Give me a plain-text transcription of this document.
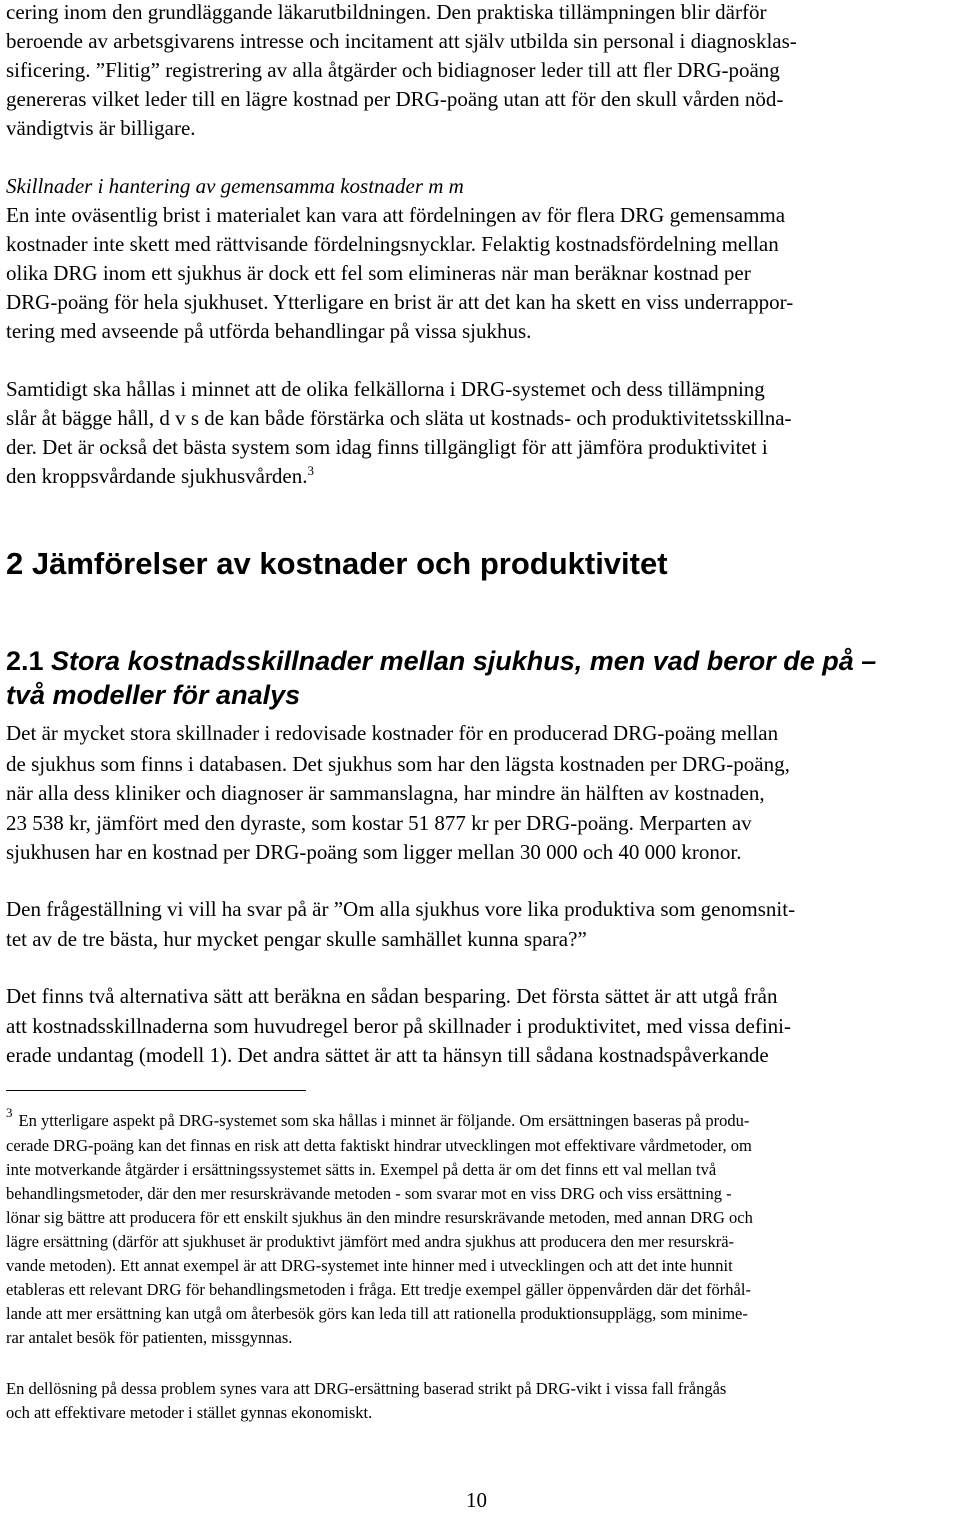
cering inom den grundläggande läkarutbildningen. Den praktiska tillämpningen blir därför
beroende av arbetsgivarens intresse och incitament att själv utbilda sin personal i diagnosklas-
sificering. ”Flitig” registrering av alla åtgärder och bidiagnoser leder till att fler DRG-poäng
genereras vilket leder till en lägre kostnad per DRG-poäng utan att för den skull vården nöd-
vändigtvis är billigare.
Skillnader i hantering av gemensamma kostnader m m
En inte oväsentlig brist i materialet kan vara att fördelningen av för flera DRG gemensamma
kostnader inte skett med rättvisande fördelningsnycklar. Felaktig kostnadsfördelning mellan
olika DRG inom ett sjukhus är dock ett fel som elimineras när man beräknar kostnad per
DRG-poäng för hela sjukhuset. Ytterligare en brist är att det kan ha skett en viss underrappor-
tering med avseende på utförda behandlingar på vissa sjukhus.
Samtidigt ska hållas i minnet att de olika felkällorna i DRG-systemet och dess tillämpning
slår åt bägge håll, d v s de kan både förstärka och släta ut kostnads- och produktivitetsskillna-
der. Det är också det bästa system som idag finns tillgängligt för att jämföra produktivitet i
den kroppsvårdande sjukhusvården.$^3$
2 Jämförelser av kostnader och produktivitet
2.1 Stora kostnadsskillnader mellan sjukhus, men vad beror de på –
två modeller för analys
Det är mycket stora skillnader i redovisade kostnader för en producerad DRG-poäng mellan
de sjukhus som finns i databasen. Det sjukhus som har den lägsta kostnaden per DRG-poäng,
när alla dess kliniker och diagnoser är sammanslagna, har mindre än hälften av kostnaden,
23 538 kr, jämfört med den dyraste, som kostar 51 877 kr per DRG-poäng. Merparten av
sjukhusen har en kostnad per DRG-poäng som ligger mellan 30 000 och 40 000 kronor.
Den frågeställning vi vill ha svar på är ”Om alla sjukhus vore lika produktiva som genomsnit-
tet av de tre bästa, hur mycket pengar skulle samhället kunna spara?”
Det finns två alternativa sätt att beräkna en sådan besparing. Det första sättet är att utgå från
att kostnadsskillnaderna som huvudregel beror på skillnader i produktivitet, med vissa defini-
erade undantag (modell 1). Det andra sättet är att ta hänsyn till sådana kostnadspåverkande
$^3$ En ytterligare aspekt på DRG-systemet som ska hållas i minnet är följande. Om ersättningen baseras på produ-
cerade DRG-poäng kan det finnas en risk att detta faktiskt hindrar utvecklingen mot effektivare vårdmetoder, om
inte motverkande åtgärder i ersättningssystemet sätts in. Exempel på detta är om det finns ett val mellan två
behandlingsmetoder, där den mer resurskrävande metoden - som svarar mot en viss DRG och viss ersättning -
lönar sig bättre att producera för ett enskilt sjukhus än den mindre resurskrävande metoden, med annan DRG och
lägre ersättning (därför att sjukhuset är produktivt jämfört med andra sjukhus att producera den mer resurskrä-
vande metoden). Ett annat exempel är att DRG-systemet inte hinner med i utvecklingen och att det inte hunnit
etableras ett relevant DRG för behandlingsmetoden i fråga. Ett tredje exempel gäller öppenvården där det förhål-
lande att mer ersättning kan utgå om återbesök görs kan leda till att rationella produktionsupplägg, som minime-
rar antalet besök för patienten, missgynnas.
En dellösning på dessa problem synes vara att DRG-ersättning baserad strikt på DRG-vikt i vissa fall frångås
och att effektivare metoder i stället gynnas ekonomiskt.
10
